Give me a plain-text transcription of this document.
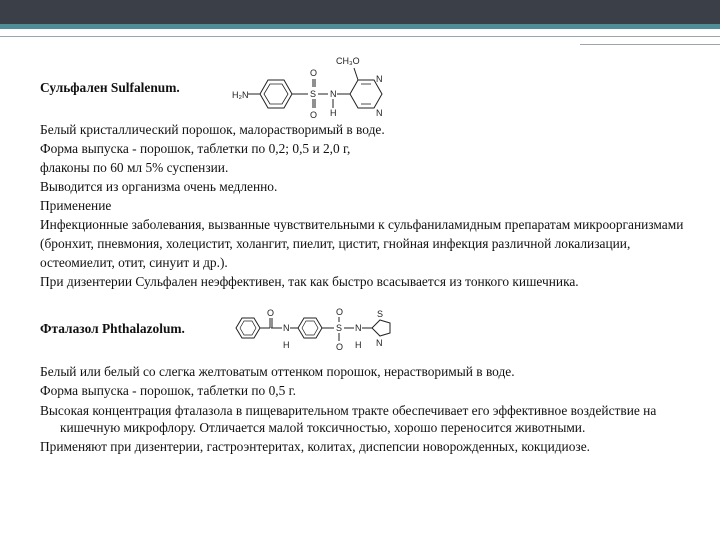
Сульфален Sulfalenum.	H₂N	S
O
O
N
H
N
N
CH₃O

Белый кристаллический порошок, малорастворимый в воде.

Форма выпуска - порошок, таблетки по 0,2; 0,5 и 2,0 г,

флаконы по 60 мл 5% суспензии.

Выводится из организма очень медленно.

Применение

Инфекционные заболевания, вызванные чувствительными к сульфаниламидным препаратам микроорганизмами (бронхит, пневмония, холецистит, холангит, пиелит, цистит, гнойная инфекция различной локализации, остеомиелит, отит, синуит и др.).

При дизентерии Сульфален неэффективен, так как быстро всасывается из тонкого кишечника.

Фталазол Phthalazolum.
O
N
H
S
O
O
N
H
S
N

Белый или белый со слегка желтоватым оттенком порошок, нерастворимый в воде.

Форма выпуска - порошок, таблетки по 0,5 г.

Высокая концентрация фталазола в пищеварительном тракте обеспечивает его эффективное воздействие на кишечную микрофлору. Отличается малой токсичностью, хорошо переносится животными.

Применяют при дизентерии, гастроэнтеритах, колитах, диспепсии новорожденных, кокцидиозе.
